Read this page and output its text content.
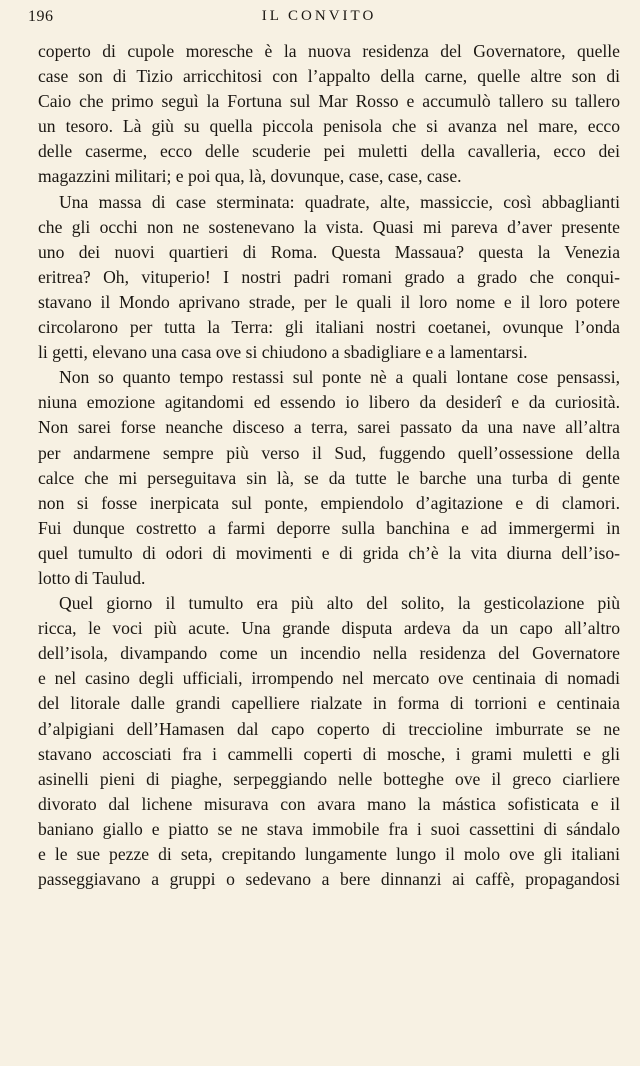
196	IL CONVITO
coperto di cupole moresche è la nuova residenza del Governatore, quelle
case son di Tizio arricchitosi con l’appalto della carne, quelle altre son di
Caio che primo seguì la Fortuna sul Mar Rosso e accumulò tallero su tallero
un tesoro. Là giù su quella piccola penisola che si avanza nel mare, ecco
delle caserme, ecco delle scuderie pei muletti della cavalleria, ecco dei
magazzini militari; e poi qua, là, dovunque, case, case, case.
Una massa di case sterminata: quadrate, alte, massiccie, così abbaglianti
che gli occhi non ne sostenevano la vista. Quasi mi pareva d’aver presente
uno dei nuovi quartieri di Roma. Questa Massaua? questa la Venezia
eritrea? Oh, vituperio! I nostri padri romani grado a grado che conqui-
stavano il Mondo aprivano strade, per le quali il loro nome e il loro potere
circolarono per tutta la Terra: gli italiani nostri coetanei, ovunque l’onda
li getti, elevano una casa ove si chiudono a sbadigliare e a lamentarsi.
Non so quanto tempo restassi sul ponte nè a quali lontane cose pensassi,
niuna emozione agitandomi ed essendo io libero da desiderî e da curiosità.
Non sarei forse neanche disceso a terra, sarei passato da una nave all’altra
per andarmene sempre più verso il Sud, fuggendo quell’ossessione della
calce che mi perseguitava sin là, se da tutte le barche una turba di gente
non si fosse inerpicata sul ponte, empiendolo d’agitazione e di clamori.
Fui dunque costretto a farmi deporre sulla banchina e ad immergermi in
quel tumulto di odori di movimenti e di grida ch’è la vita diurna dell’iso-
lotto di Taulud.
Quel giorno il tumulto era più alto del solito, la gesticolazione più
ricca, le voci più acute. Una grande disputa ardeva da un capo all’altro
dell’isola, divampando come un incendio nella residenza del Governatore
e nel casino degli ufficiali, irrompendo nel mercato ove centinaia di nomadi
del litorale dalle grandi capelliere rialzate in forma di torrioni e centinaia
d’alpigiani dell’Hamasen dal capo coperto di treccioline imburrate se ne
stavano accosciati fra i cammelli coperti di mosche, i grami muletti e gli
asinelli pieni di piaghe, serpeggiando nelle botteghe ove il greco ciarliere
divorato dal lichene misurava con avara mano la mástica sofisticata e il
baniano giallo e piatto se ne stava immobile fra i suoi cassettini di sándalo
e le sue pezze di seta, crepitando lungamente lungo il molo ove gli italiani
passeggiavano a gruppi o sedevano a bere dinnanzi ai caffè, propagandosi
